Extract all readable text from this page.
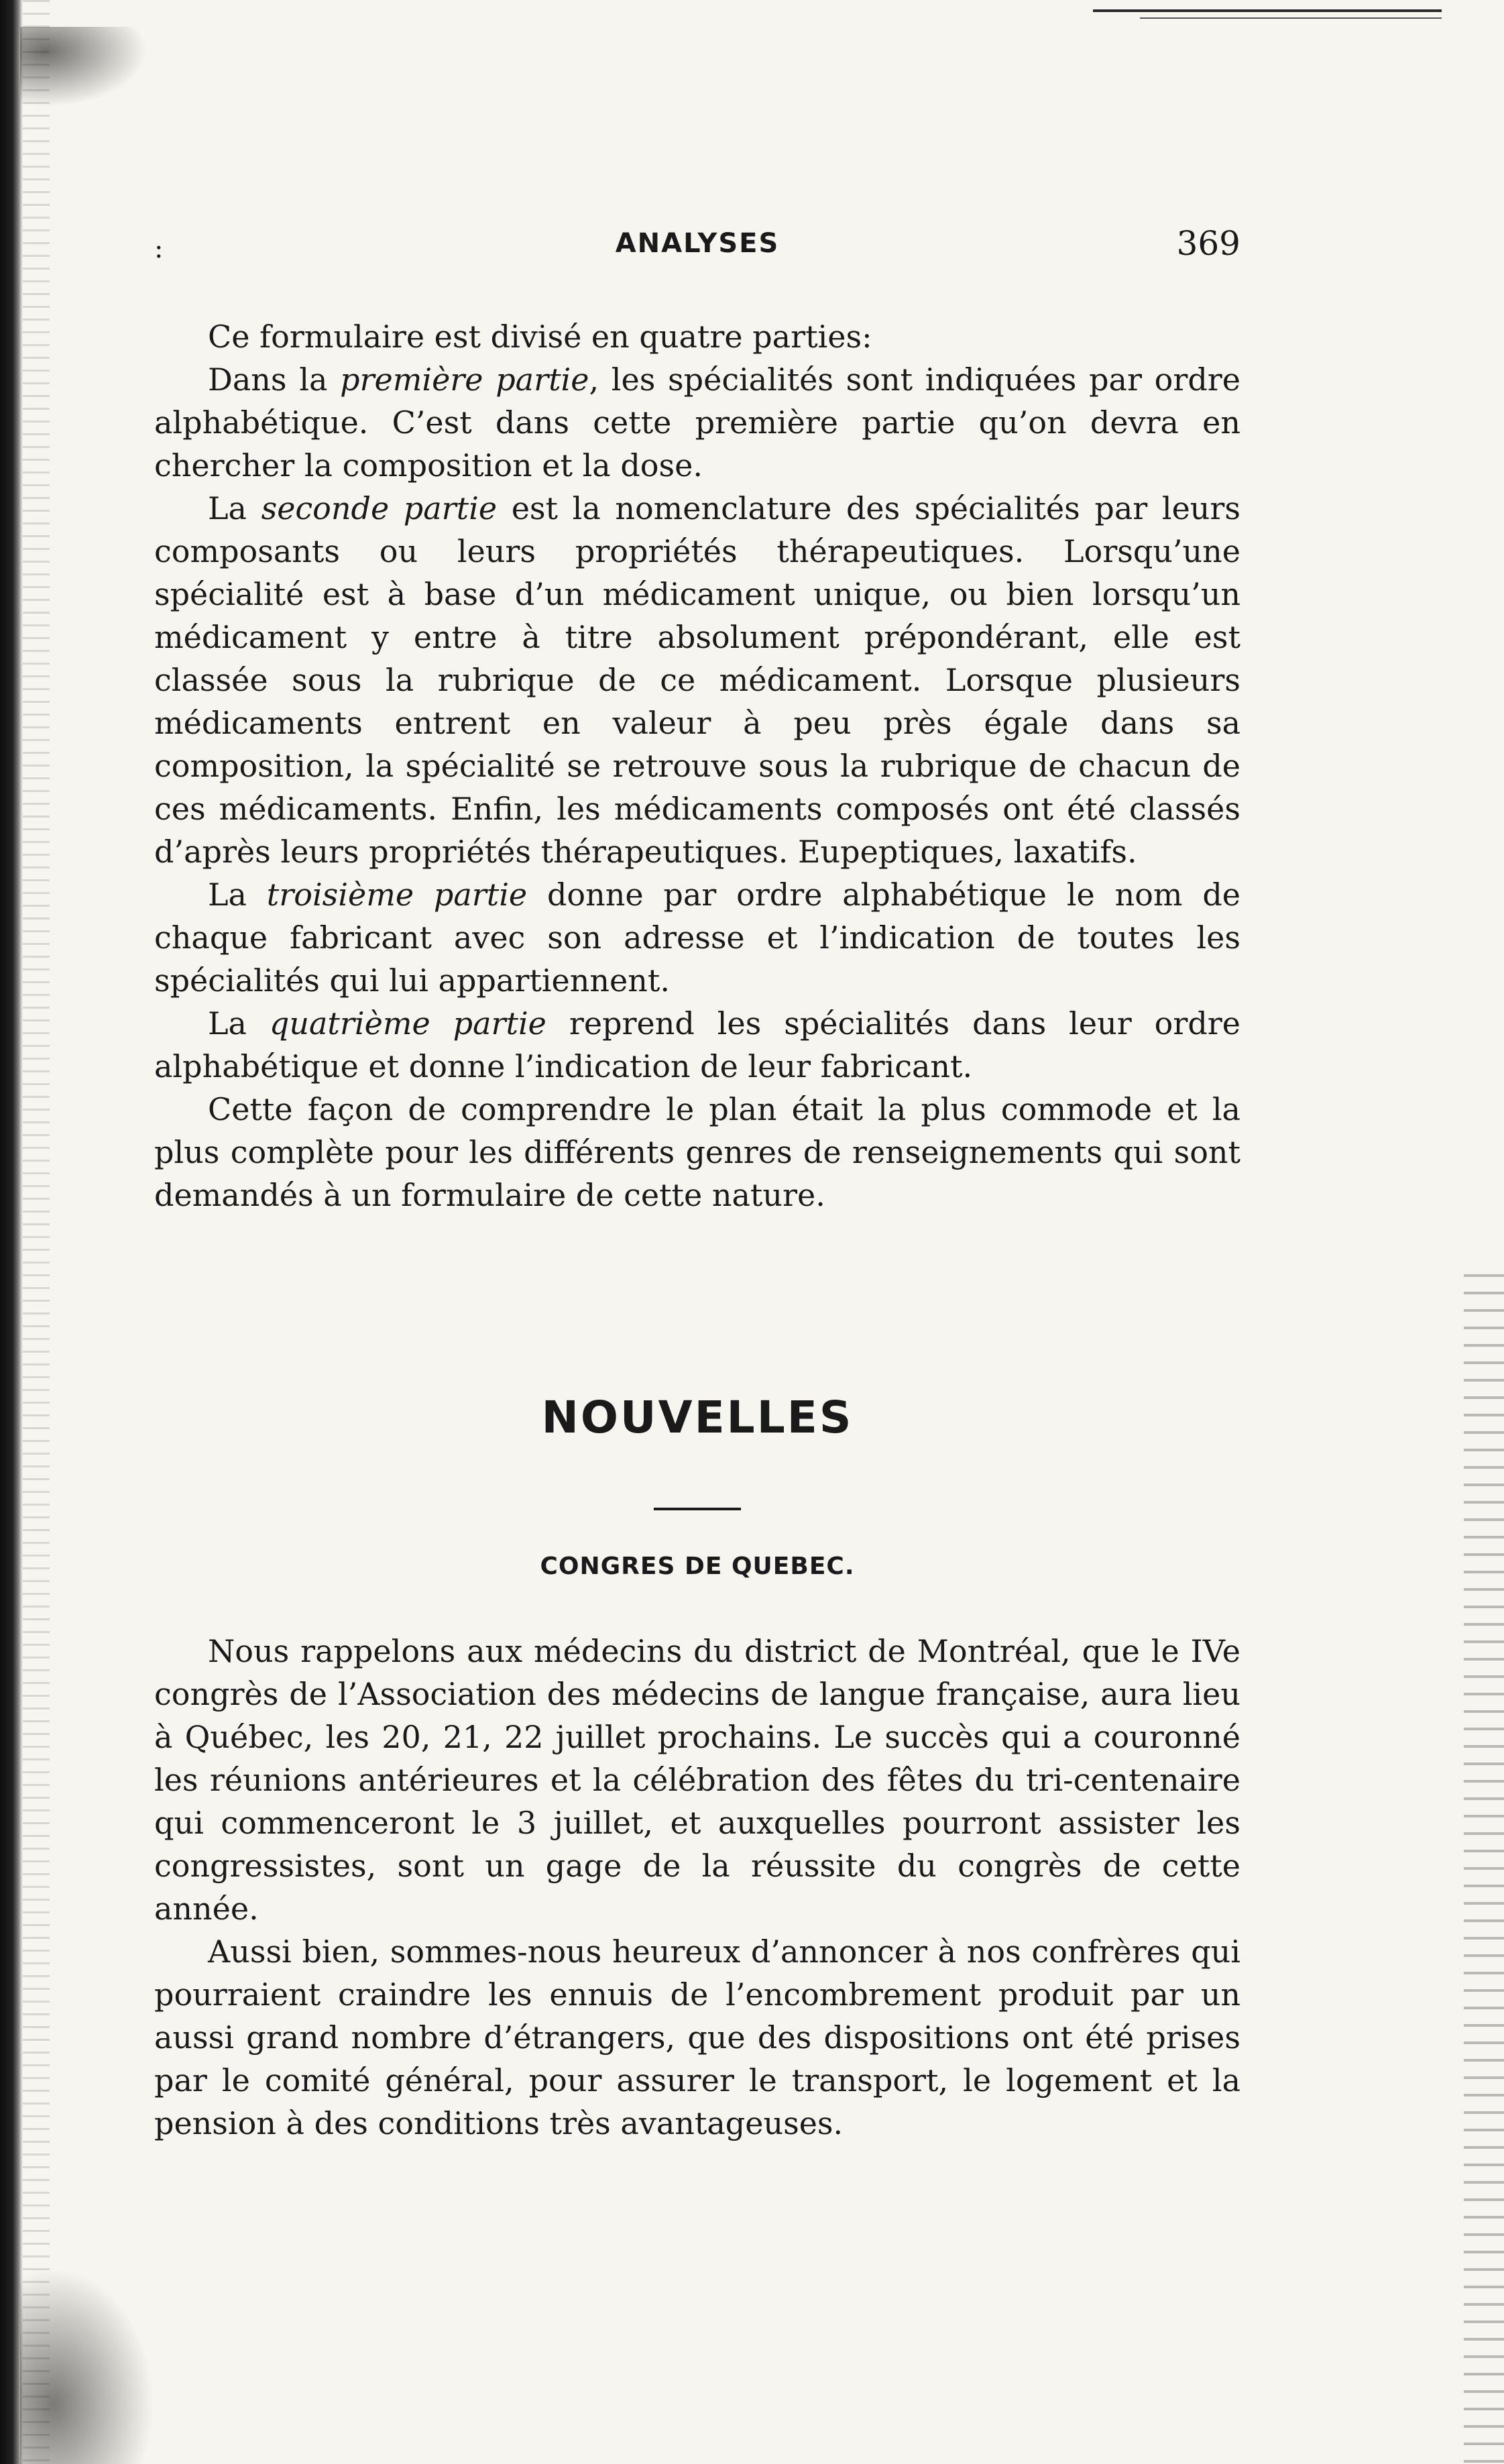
:	ANALYSES	369

Ce formulaire est divisé en quatre parties:

Dans la première partie, les spécialités sont indiquées par ordre alphabétique. C’est dans cette première partie qu’on devra en chercher la composition et la dose.

La seconde partie est la nomenclature des spécialités par leurs composants ou leurs propriétés thérapeutiques. Lorsqu’une spécialité est à base d’un médicament unique, ou bien lorsqu’un médicament y entre à titre absolument prépondérant, elle est classée sous la rubrique de ce médicament. Lorsque plusieurs médicaments entrent en valeur à peu près égale dans sa composition, la spécialité se retrouve sous la rubrique de chacun de ces médicaments. Enfin, les médicaments composés ont été classés d’après leurs propriétés thérapeutiques. Eupeptiques, laxatifs.

La troisième partie donne par ordre alphabétique le nom de chaque fabricant avec son adresse et l’indication de toutes les spécialités qui lui appartiennent.

La quatrième partie reprend les spécialités dans leur ordre alphabétique et donne l’indication de leur fabricant.

Cette façon de comprendre le plan était la plus commode et la plus complète pour les différents genres de renseignements qui sont demandés à un formulaire de cette nature.

NOUVELLES
CONGRES DE QUEBEC.

Nous rappelons aux médecins du district de Montréal, que le IVe congrès de l’Association des médecins de langue française, aura lieu à Québec, les 20, 21, 22 juillet prochains. Le succès qui a couronné les réunions antérieures et la célébration des fêtes du tri-centenaire qui commenceront le 3 juillet, et auxquelles pourront assister les congressistes, sont un gage de la réussite du congrès de cette année.

Aussi bien, sommes-nous heureux d’annoncer à nos confrères qui pourraient craindre les ennuis de l’encombrement produit par un aussi grand nombre d’étrangers, que des dispositions ont été prises par le comité général, pour assurer le transport, le logement et la pension à des conditions très avantageuses.
